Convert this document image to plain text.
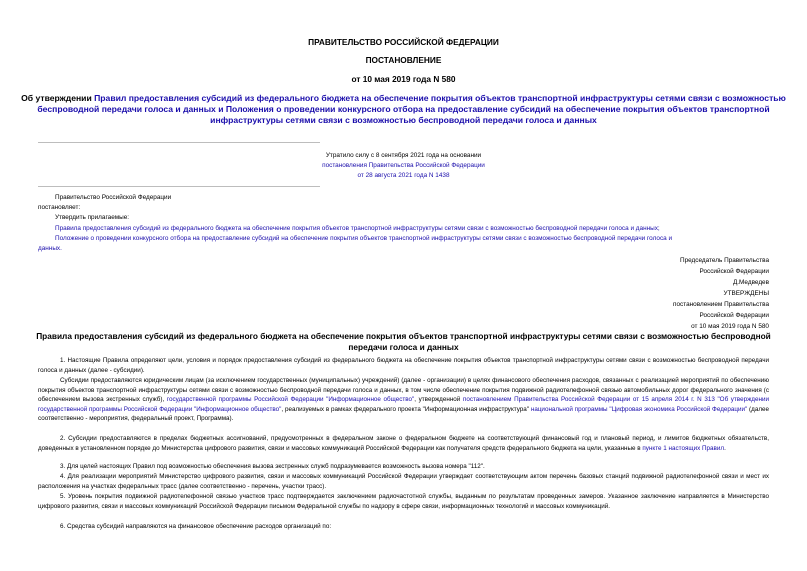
ПРАВИТЕЛЬСТВО РОССИЙСКОЙ ФЕДЕРАЦИИ
ПОСТАНОВЛЕНИЕ
от 10 мая 2019 года N 580
Об утверждении Правил предоставления субсидий из федерального бюджета на обеспечение покрытия объектов транспортной инфраструктуры сетями связи с возможностью беспроводной передачи голоса и данных и Положения о проведении конкурсного отбора на предоставление субсидий на обеспечение покрытия объектов транспортной инфраструктуры сетями связи с возможностью беспроводной передачи голоса и данных
Утратило силу с 8 сентября 2021 года на основании
постановления Правительства Российской Федерации
от 28 августа 2021 года N 1438
Правительство Российской Федерации
постановляет:
Утвердить прилагаемые:
Правила предоставления субсидий из федерального бюджета на обеспечение покрытия объектов транспортной инфраструктуры сетями связи с возможностью беспроводной передачи голоса и данных;
Положение о проведении конкурсного отбора на предоставление субсидий на обеспечение покрытия объектов транспортной инфраструктуры сетями связи с возможностью беспроводной передачи голоса и
данных.
Председатель Правительства
Российской Федерации
Д.Медведев
УТВЕРЖДЕНЫ
постановлением Правительства
Российской Федерации
от 10 мая 2019 года N 580
Правила предоставления субсидий из федерального бюджета на обеспечение покрытия объектов транспортной инфраструктуры сетями связи с возможностью беспроводной передачи голоса и данных
1. Настоящие Правила определяют цели, условия и порядок предоставления субсидий из федерального бюджета на обеспечение покрытия объектов транспортной инфраструктуры сетями связи с возможностью беспроводной передачи голоса и данных (далее - субсидии).
Субсидии предоставляются юридическим лицам (за исключением государственных (муниципальных) учреждений) (далее - организации) в целях финансового обеспечения расходов, связанных с реализацией мероприятий по обеспечению покрытия объектов транспортной инфраструктуры сетями связи с возможностью беспроводной передачи голоса и данных, в том числе обеспечение покрытия подвижной радиотелефонной связью автомобильных дорог федерального значения (с обеспечением вызова экстренных служб), государственной программы Российской Федерации "Информационное общество", утвержденной постановлением Правительства Российской Федерации от 15 апреля 2014 г. N 313 "Об утверждении государственной программы Российской Федерации "Информационное общество", реализуемых в рамках федерального проекта "Информационная инфраструктура" национальной программы "Цифровая экономика Российской Федерации" (далее соответственно - мероприятия, федеральный проект, Программа).
2. Субсидии предоставляются в пределах бюджетных ассигнований, предусмотренных в федеральном законе о федеральном бюджете на соответствующий финансовый год и плановый период, и лимитов бюджетных обязательств, доведенных в установленном порядке до Министерства цифрового развития, связи и массовых коммуникаций Российской Федерации как получателя средств федерального бюджета на цели, указанные в пункте 1 настоящих Правил.
3. Для целей настоящих Правил под возможностью обеспечения вызова экстренных служб подразумевается возможность вызова номера "112".
4. Для реализации мероприятий Министерство цифрового развития, связи и массовых коммуникаций Российской Федерации утверждает соответствующим актом перечень базовых станций подвижной радиотелефонной связи и мест их расположения на участках федеральных трасс (далее соответственно - перечень, участки трасс).
5. Уровень покрытия подвижной радиотелефонной связью участков трасс подтверждается заключением радиочастотной службы, выданным по результатам проведенных замеров. Указанное заключение направляется в Министерство цифрового развития, связи и массовых коммуникаций Российской Федерации письмом Федеральной службы по надзору в сфере связи, информационных технологий и массовых коммуникаций.
6. Средства субсидий направляются на финансовое обеспечение расходов организаций по:
